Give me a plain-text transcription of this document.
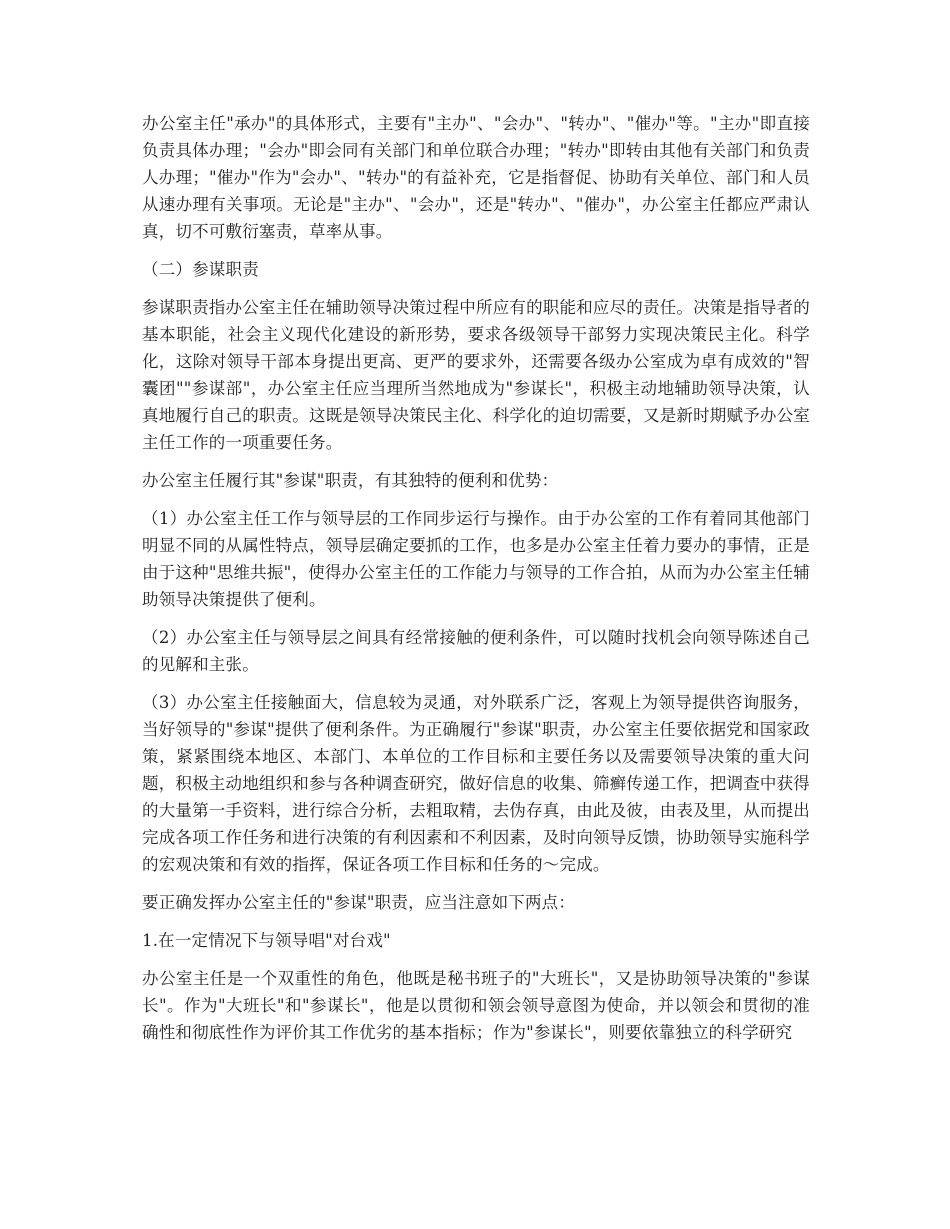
办公室主任"承办"的具体形式，主要有"主办"、"会办"、"转办"、"催办"等。"主办"即直接负责具体办理；"会办"即会同有关部门和单位联合办理；"转办"即转由其他有关部门和负责人办理；"催办"作为"会办"、"转办"的有益补充，它是指督促、协助有关单位、部门和人员从速办理有关事项。无论是"主办"、"会办"，还是"转办"、"催办"，办公室主任都应严肃认真，切不可敷衍塞责，草率从事。

（二）参谋职责

参谋职责指办公室主任在辅助领导决策过程中所应有的职能和应尽的责任。决策是指导者的基本职能，社会主义现代化建设的新形势，要求各级领导干部努力实现决策民主化。科学化，这除对领导干部本身提出更高、更严的要求外，还需要各级办公室成为卓有成效的"智囊团""参谋部"，办公室主任应当理所当然地成为"参谋长"，积极主动地辅助领导决策，认真地履行自己的职责。这既是领导决策民主化、科学化的迫切需要，又是新时期赋予办公室主任工作的一项重要任务。

办公室主任履行其"参谋"职责，有其独特的便利和优势：

（1）办公室主任工作与领导层的工作同步运行与操作。由于办公室的工作有着同其他部门明显不同的从属性特点，领导层确定要抓的工作，也多是办公室主任着力要办的事情，正是由于这种"思维共振"，使得办公室主任的工作能力与领导的工作合拍，从而为办公室主任辅助领导决策提供了便利。

（2）办公室主任与领导层之间具有经常接触的便利条件，可以随时找机会向领导陈述自己的见解和主张。

（3）办公室主任接触面大，信息较为灵通，对外联系广泛，客观上为领导提供咨询服务，当好领导的"参谋"提供了便利条件。为正确履行"参谋"职责，办公室主任要依据党和国家政策，紧紧围绕本地区、本部门、本单位的工作目标和主要任务以及需要领导决策的重大问题，积极主动地组织和参与各种调查研究，做好信息的收集、筛癣传递工作，把调查中获得的大量第一手资料，进行综合分析，去粗取精，去伪存真，由此及彼，由表及里，从而提出完成各项工作任务和进行决策的有利因素和不利因素，及时向领导反馈，协助领导实施科学的宏观决策和有效的指挥，保证各项工作目标和任务的～完成。

要正确发挥办公室主任的"参谋"职责，应当注意如下两点：

1.在一定情况下与领导唱"对台戏"

办公室主任是一个双重性的角色，他既是秘书班子的"大班长"，又是协助领导决策的"参谋长"。作为"大班长"和"参谋长"，他是以贯彻和领会领导意图为使命，并以领会和贯彻的准确性和彻底性作为评价其工作优劣的基本指标；作为"参谋长"，则要依靠独立的科学研究
